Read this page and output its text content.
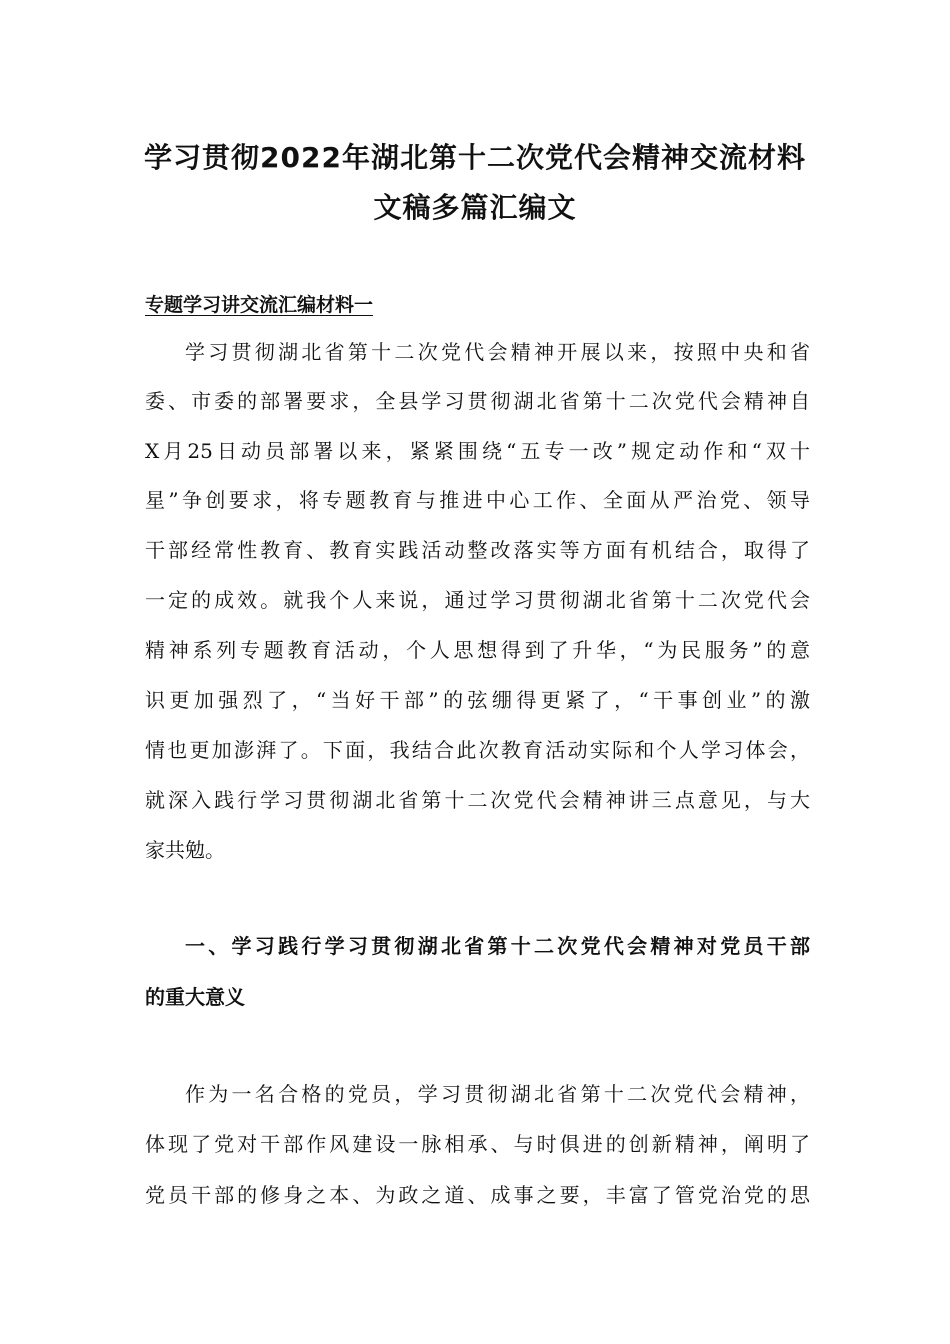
学习贯彻2022年湖北第十二次党代会精神交流材料
文稿多篇汇编文
专题学习讲交流汇编材料一
学习贯彻湖北省第十二次党代会精神开展以来，按照中央和省
委、市委的部署要求，全县学习贯彻湖北省第十二次党代会精神自
X月25日动员部署以来，紧紧围绕“五专一改”规定动作和“双十
星”争创要求，将专题教育与推进中心工作、全面从严治党、领导
干部经常性教育、教育实践活动整改落实等方面有机结合，取得了
一定的成效。就我个人来说，通过学习贯彻湖北省第十二次党代会
精神系列专题教育活动，个人思想得到了升华，“为民服务”的意
识更加强烈了，“当好干部”的弦绷得更紧了，“干事创业”的激
情也更加澎湃了。下面，我结合此次教育活动实际和个人学习体会，
就深入践行学习贯彻湖北省第十二次党代会精神讲三点意见，与大
家共勉。
一、学习践行学习贯彻湖北省第十二次党代会精神对党员干部
的重大意义
作为一名合格的党员，学习贯彻湖北省第十二次党代会精神，
体现了党对干部作风建设一脉相承、与时俱进的创新精神，阐明了
党员干部的修身之本、为政之道、成事之要，丰富了管党治党的思
